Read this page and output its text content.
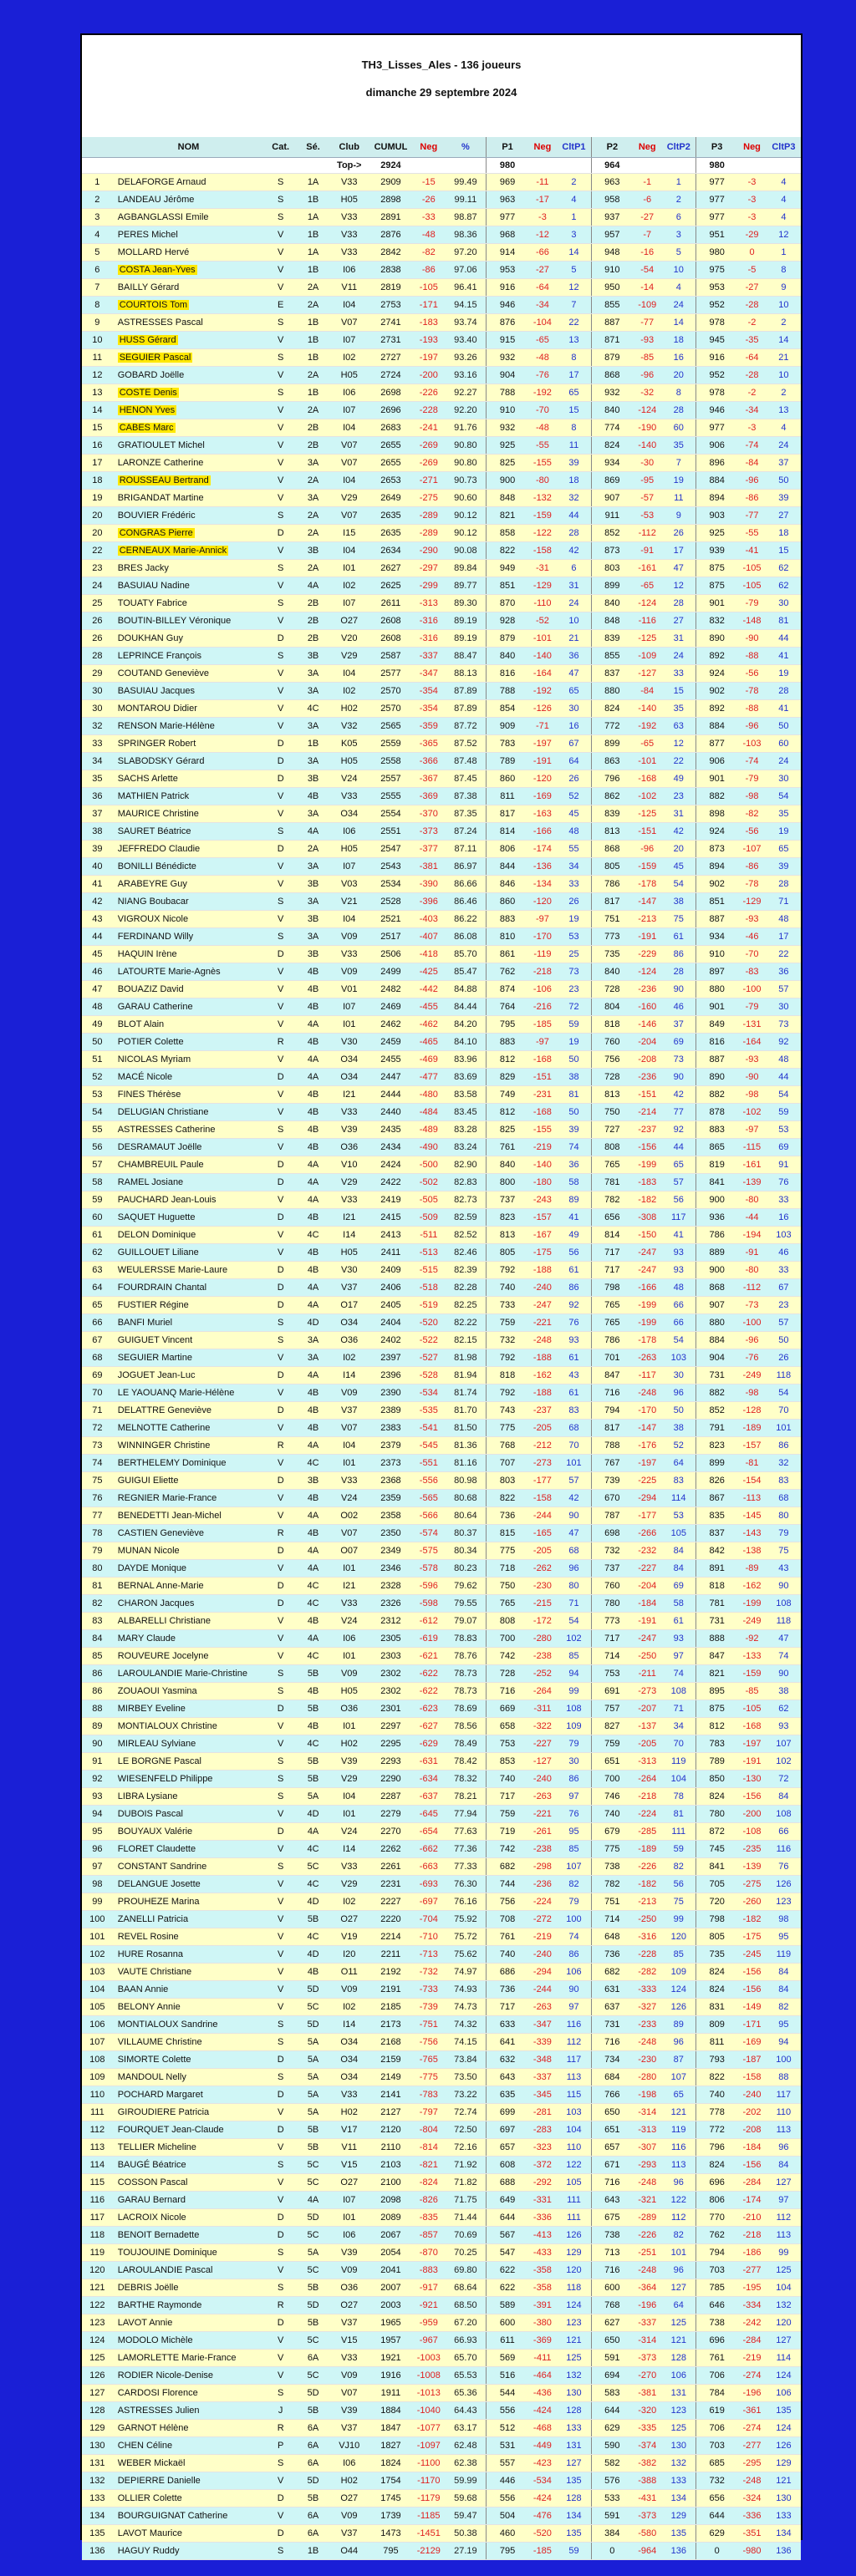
TH3_Lisses_Ales - 136 joueurs
dimanche 29 septembre 2024
	NOM	Cat.	Sé.	Club	CUMUL	Neg	%	P1	Neg	CltP1	P2	Neg	CltP2	P3	Neg	CltP3
				Top->	2924			980			964			980		
1	DELAFORGE Arnaud	S	1A	V33	2909	-15	99.49	969	-11	2	963	-1	1	977	-3	4
2	LANDEAU Jérôme	S	1B	H05	2898	-26	99.11	963	-17	4	958	-6	2	977	-3	4
3	AGBANGLASSI Emile	S	1A	V33	2891	-33	98.87	977	-3	1	937	-27	6	977	-3	4
4	PERES Michel	V	1B	V33	2876	-48	98.36	968	-12	3	957	-7	3	951	-29	12
5	MOLLARD Hervé	V	1A	V33	2842	-82	97.20	914	-66	14	948	-16	5	980	0	1
6	COSTA Jean-Yves	V	1B	I06	2838	-86	97.06	953	-27	5	910	-54	10	975	-5	8
7	BAILLY Gérard	V	2A	V11	2819	-105	96.41	916	-64	12	950	-14	4	953	-27	9
8	COURTOIS Tom	E	2A	I04	2753	-171	94.15	946	-34	7	855	-109	24	952	-28	10
9	ASTRESSES Pascal	S	1B	V07	2741	-183	93.74	876	-104	22	887	-77	14	978	-2	2
10	HUSS Gérard	V	1B	I07	2731	-193	93.40	915	-65	13	871	-93	18	945	-35	14
11	SEGUIER Pascal	S	1B	I02	2727	-197	93.26	932	-48	8	879	-85	16	916	-64	21
12	GOBARD Joëlle	V	2A	H05	2724	-200	93.16	904	-76	17	868	-96	20	952	-28	10
13	COSTE Denis	S	1B	I06	2698	-226	92.27	788	-192	65	932	-32	8	978	-2	2
14	HENON Yves	V	2A	I07	2696	-228	92.20	910	-70	15	840	-124	28	946	-34	13
15	CABES Marc	V	2B	I04	2683	-241	91.76	932	-48	8	774	-190	60	977	-3	4
16	GRATIOULET Michel	V	2B	V07	2655	-269	90.80	925	-55	11	824	-140	35	906	-74	24
17	LARONZE Catherine	V	3A	V07	2655	-269	90.80	825	-155	39	934	-30	7	896	-84	37
18	ROUSSEAU Bertrand	V	2A	I04	2653	-271	90.73	900	-80	18	869	-95	19	884	-96	50
19	BRIGANDAT Martine	V	3A	V29	2649	-275	90.60	848	-132	32	907	-57	11	894	-86	39
20	BOUVIER Frédéric	S	2A	V07	2635	-289	90.12	821	-159	44	911	-53	9	903	-77	27
20	CONGRAS Pierre	D	2A	I15	2635	-289	90.12	858	-122	28	852	-112	26	925	-55	18
22	CERNEAUX Marie-Annick	V	3B	I04	2634	-290	90.08	822	-158	42	873	-91	17	939	-41	15
23	BRES Jacky	S	2A	I01	2627	-297	89.84	949	-31	6	803	-161	47	875	-105	62
24	BASUIAU Nadine	V	4A	I02	2625	-299	89.77	851	-129	31	899	-65	12	875	-105	62
25	TOUATY Fabrice	S	2B	I07	2611	-313	89.30	870	-110	24	840	-124	28	901	-79	30
26	BOUTIN-BILLEY Véronique	V	2B	O27	2608	-316	89.19	928	-52	10	848	-116	27	832	-148	81
26	DOUKHAN Guy	D	2B	V20	2608	-316	89.19	879	-101	21	839	-125	31	890	-90	44
28	LEPRINCE François	S	3B	V29	2587	-337	88.47	840	-140	36	855	-109	24	892	-88	41
29	COUTAND Geneviève	V	3A	I04	2577	-347	88.13	816	-164	47	837	-127	33	924	-56	19
30	BASUIAU Jacques	V	3A	I02	2570	-354	87.89	788	-192	65	880	-84	15	902	-78	28
30	MONTAROU Didier	V	4C	H02	2570	-354	87.89	854	-126	30	824	-140	35	892	-88	41
32	RENSON Marie-Hélène	V	3A	V32	2565	-359	87.72	909	-71	16	772	-192	63	884	-96	50
33	SPRINGER Robert	D	1B	K05	2559	-365	87.52	783	-197	67	899	-65	12	877	-103	60
34	SLABODSKY Gérard	D	3A	H05	2558	-366	87.48	789	-191	64	863	-101	22	906	-74	24
35	SACHS Arlette	D	3B	V24	2557	-367	87.45	860	-120	26	796	-168	49	901	-79	30
36	MATHIEN Patrick	V	4B	V33	2555	-369	87.38	811	-169	52	862	-102	23	882	-98	54
37	MAURICE Christine	V	3A	O34	2554	-370	87.35	817	-163	45	839	-125	31	898	-82	35
38	SAURET Béatrice	S	4A	I06	2551	-373	87.24	814	-166	48	813	-151	42	924	-56	19
39	JEFFREDO Claudie	D	2A	H05	2547	-377	87.11	806	-174	55	868	-96	20	873	-107	65
40	BONILLI Bénédicte	V	3A	I07	2543	-381	86.97	844	-136	34	805	-159	45	894	-86	39
41	ARABEYRE Guy	V	3B	V03	2534	-390	86.66	846	-134	33	786	-178	54	902	-78	28
42	NIANG Boubacar	S	3A	V21	2528	-396	86.46	860	-120	26	817	-147	38	851	-129	71
43	VIGROUX Nicole	V	3B	I04	2521	-403	86.22	883	-97	19	751	-213	75	887	-93	48
44	FERDINAND Willy	S	3A	V09	2517	-407	86.08	810	-170	53	773	-191	61	934	-46	17
45	HAQUIN Irène	D	3B	V33	2506	-418	85.70	861	-119	25	735	-229	86	910	-70	22
46	LATOURTE Marie-Agnès	V	4B	V09	2499	-425	85.47	762	-218	73	840	-124	28	897	-83	36
47	BOUAZIZ David	V	4B	V01	2482	-442	84.88	874	-106	23	728	-236	90	880	-100	57
48	GARAU Catherine	V	4B	I07	2469	-455	84.44	764	-216	72	804	-160	46	901	-79	30
49	BLOT Alain	V	4A	I01	2462	-462	84.20	795	-185	59	818	-146	37	849	-131	73
50	POTIER Colette	R	4B	V30	2459	-465	84.10	883	-97	19	760	-204	69	816	-164	92
51	NICOLAS Myriam	V	4A	O34	2455	-469	83.96	812	-168	50	756	-208	73	887	-93	48
52	MACÉ Nicole	D	4A	O34	2447	-477	83.69	829	-151	38	728	-236	90	890	-90	44
53	FINES Thérèse	V	4B	I21	2444	-480	83.58	749	-231	81	813	-151	42	882	-98	54
54	DELUGIAN Christiane	V	4B	V33	2440	-484	83.45	812	-168	50	750	-214	77	878	-102	59
55	ASTRESSES Catherine	S	4B	V39	2435	-489	83.28	825	-155	39	727	-237	92	883	-97	53
56	DESRAMAUT Joëlle	V	4B	O36	2434	-490	83.24	761	-219	74	808	-156	44	865	-115	69
57	CHAMBREUIL Paule	D	4A	V10	2424	-500	82.90	840	-140	36	765	-199	65	819	-161	91
58	RAMEL Josiane	D	4A	V29	2422	-502	82.83	800	-180	58	781	-183	57	841	-139	76
59	PAUCHARD Jean-Louis	V	4A	V33	2419	-505	82.73	737	-243	89	782	-182	56	900	-80	33
60	SAQUET Huguette	D	4B	I21	2415	-509	82.59	823	-157	41	656	-308	117	936	-44	16
61	DELON Dominique	V	4C	I14	2413	-511	82.52	813	-167	49	814	-150	41	786	-194	103
62	GUILLOUET Liliane	V	4B	H05	2411	-513	82.46	805	-175	56	717	-247	93	889	-91	46
63	WEULERSSE Marie-Laure	D	4B	V30	2409	-515	82.39	792	-188	61	717	-247	93	900	-80	33
64	FOURDRAIN Chantal	D	4A	V37	2406	-518	82.28	740	-240	86	798	-166	48	868	-112	67
65	FUSTIER Régine	D	4A	O17	2405	-519	82.25	733	-247	92	765	-199	66	907	-73	23
66	BANFI Muriel	S	4D	O34	2404	-520	82.22	759	-221	76	765	-199	66	880	-100	57
67	GUIGUET Vincent	S	3A	O36	2402	-522	82.15	732	-248	93	786	-178	54	884	-96	50
68	SEGUIER Martine	V	3A	I02	2397	-527	81.98	792	-188	61	701	-263	103	904	-76	26
69	JOGUET Jean-Luc	D	4A	I14	2396	-528	81.94	818	-162	43	847	-117	30	731	-249	118
70	LE YAOUANQ Marie-Hélène	V	4B	V09	2390	-534	81.74	792	-188	61	716	-248	96	882	-98	54
71	DELATTRE Geneviève	D	4B	V37	2389	-535	81.70	743	-237	83	794	-170	50	852	-128	70
72	MELNOTTE Catherine	V	4B	V07	2383	-541	81.50	775	-205	68	817	-147	38	791	-189	101
73	WINNINGER Christine	R	4A	I04	2379	-545	81.36	768	-212	70	788	-176	52	823	-157	86
74	BERTHELEMY Dominique	V	4C	I01	2373	-551	81.16	707	-273	101	767	-197	64	899	-81	32
75	GUIGUI Eliette	D	3B	V33	2368	-556	80.98	803	-177	57	739	-225	83	826	-154	83
76	REGNIER Marie-France	V	4B	V24	2359	-565	80.68	822	-158	42	670	-294	114	867	-113	68
77	BENEDETTI Jean-Michel	V	4A	O02	2358	-566	80.64	736	-244	90	787	-177	53	835	-145	80
78	CASTIEN Geneviève	R	4B	V07	2350	-574	80.37	815	-165	47	698	-266	105	837	-143	79
79	MUNAN Nicole	D	4A	O07	2349	-575	80.34	775	-205	68	732	-232	84	842	-138	75
80	DAYDE Monique	V	4A	I01	2346	-578	80.23	718	-262	96	737	-227	84	891	-89	43
81	BERNAL Anne-Marie	D	4C	I21	2328	-596	79.62	750	-230	80	760	-204	69	818	-162	90
82	CHARON Jacques	D	4C	V33	2326	-598	79.55	765	-215	71	780	-184	58	781	-199	108
83	ALBARELLI Christiane	V	4B	V24	2312	-612	79.07	808	-172	54	773	-191	61	731	-249	118
84	MARY Claude	V	4A	I06	2305	-619	78.83	700	-280	102	717	-247	93	888	-92	47
85	ROUVEURE Jocelyne	V	4C	I01	2303	-621	78.76	742	-238	85	714	-250	97	847	-133	74
86	LAROULANDIE Marie-Christine	S	5B	V09	2302	-622	78.73	728	-252	94	753	-211	74	821	-159	90
86	ZOUAOUI Yasmina	S	4B	H05	2302	-622	78.73	716	-264	99	691	-273	108	895	-85	38
88	MIRBEY Eveline	D	5B	O36	2301	-623	78.69	669	-311	108	757	-207	71	875	-105	62
89	MONTIALOUX Christine	V	4B	I01	2297	-627	78.56	658	-322	109	827	-137	34	812	-168	93
90	MIRLEAU Sylviane	V	4C	H02	2295	-629	78.49	753	-227	79	759	-205	70	783	-197	107
91	LE BORGNE Pascal	S	5B	V39	2293	-631	78.42	853	-127	30	651	-313	119	789	-191	102
92	WIESENFELD Philippe	S	5B	V29	2290	-634	78.32	740	-240	86	700	-264	104	850	-130	72
93	LIBRA Lysiane	S	5A	I04	2287	-637	78.21	717	-263	97	746	-218	78	824	-156	84
94	DUBOIS Pascal	V	4D	I01	2279	-645	77.94	759	-221	76	740	-224	81	780	-200	108
95	BOUYAUX Valérie	D	4A	V24	2270	-654	77.63	719	-261	95	679	-285	111	872	-108	66
96	FLORET Claudette	V	4C	I14	2262	-662	77.36	742	-238	85	775	-189	59	745	-235	116
97	CONSTANT Sandrine	S	5C	V33	2261	-663	77.33	682	-298	107	738	-226	82	841	-139	76
98	DELANGUE Josette	V	4C	V29	2231	-693	76.30	744	-236	82	782	-182	56	705	-275	126
99	PROUHEZE Marina	V	4D	I02	2227	-697	76.16	756	-224	79	751	-213	75	720	-260	123
100	ZANELLI Patricia	V	5B	O27	2220	-704	75.92	708	-272	100	714	-250	99	798	-182	98
101	REVEL Rosine	V	4C	V19	2214	-710	75.72	761	-219	74	648	-316	120	805	-175	95
102	HURE Rosanna	V	4D	I20	2211	-713	75.62	740	-240	86	736	-228	85	735	-245	119
103	VAUTE Christiane	V	4B	O11	2192	-732	74.97	686	-294	106	682	-282	109	824	-156	84
104	BAAN Annie	V	5D	V09	2191	-733	74.93	736	-244	90	631	-333	124	824	-156	84
105	BELONY Annie	V	5C	I02	2185	-739	74.73	717	-263	97	637	-327	126	831	-149	82
106	MONTIALOUX Sandrine	S	5D	I14	2173	-751	74.32	633	-347	116	731	-233	89	809	-171	95
107	VILLAUME Christine	S	5A	O34	2168	-756	74.15	641	-339	112	716	-248	96	811	-169	94
108	SIMORTE Colette	D	5A	O34	2159	-765	73.84	632	-348	117	734	-230	87	793	-187	100
109	MANDOUL Nelly	S	5A	O34	2149	-775	73.50	643	-337	113	684	-280	107	822	-158	88
110	POCHARD Margaret	D	5A	V33	2141	-783	73.22	635	-345	115	766	-198	65	740	-240	117
111	GIROUDIERE Patricia	V	5A	H02	2127	-797	72.74	699	-281	103	650	-314	121	778	-202	110
112	FOURQUET Jean-Claude	D	5B	V17	2120	-804	72.50	697	-283	104	651	-313	119	772	-208	113
113	TELLIER Micheline	V	5B	V11	2110	-814	72.16	657	-323	110	657	-307	116	796	-184	96
114	BAUGÉ Béatrice	S	5C	V15	2103	-821	71.92	608	-372	122	671	-293	113	824	-156	84
115	COSSON Pascal	V	5C	O27	2100	-824	71.82	688	-292	105	716	-248	96	696	-284	127
116	GARAU Bernard	V	4A	I07	2098	-826	71.75	649	-331	111	643	-321	122	806	-174	97
117	LACROIX Nicole	D	5D	I01	2089	-835	71.44	644	-336	111	675	-289	112	770	-210	112
118	BENOIT Bernadette	D	5C	I06	2067	-857	70.69	567	-413	126	738	-226	82	762	-218	113
119	TOUJOUINE Dominique	S	5A	V39	2054	-870	70.25	547	-433	129	713	-251	101	794	-186	99
120	LAROULANDIE Pascal	V	5C	V09	2041	-883	69.80	622	-358	120	716	-248	96	703	-277	125
121	DEBRIS Joëlle	S	5B	O36	2007	-917	68.64	622	-358	118	600	-364	127	785	-195	104
122	BARTHE Raymonde	R	5D	O27	2003	-921	68.50	589	-391	124	768	-196	64	646	-334	132
123	LAVOT Annie	D	5B	V37	1965	-959	67.20	600	-380	123	627	-337	125	738	-242	120
124	MODOLO Michèle	V	5C	V15	1957	-967	66.93	611	-369	121	650	-314	121	696	-284	127
125	LAMORLETTE Marie-France	V	6A	V33	1921	-1003	65.70	569	-411	125	591	-373	128	761	-219	114
126	RODIER Nicole-Denise	V	5C	V09	1916	-1008	65.53	516	-464	132	694	-270	106	706	-274	124
127	CARDOSI Florence	S	5D	V07	1911	-1013	65.36	544	-436	130	583	-381	131	784	-196	106
128	ASTRESSES Julien	J	5B	V39	1884	-1040	64.43	556	-424	128	644	-320	123	619	-361	135
129	GARNOT Hélène	R	6A	V37	1847	-1077	63.17	512	-468	133	629	-335	125	706	-274	124
130	CHEN Céline	P	6A	VJ10	1827	-1097	62.48	531	-449	131	590	-374	130	703	-277	126
131	WEBER Mickaël	S	6A	I06	1824	-1100	62.38	557	-423	127	582	-382	132	685	-295	129
132	DEPIERRE Danielle	V	5D	H02	1754	-1170	59.99	446	-534	135	576	-388	133	732	-248	121
133	OLLIER Colette	D	5B	O27	1745	-1179	59.68	556	-424	128	533	-431	134	656	-324	130
134	BOURGUIGNAT Catherine	V	6A	V09	1739	-1185	59.47	504	-476	134	591	-373	129	644	-336	133
135	LAVOT Maurice	D	6A	V37	1473	-1451	50.38	460	-520	135	384	-580	135	629	-351	134
136	HAGUY Ruddy	S	1B	O44	795	-2129	27.19	795	-185	59	0	-964	136	0	-980	136
